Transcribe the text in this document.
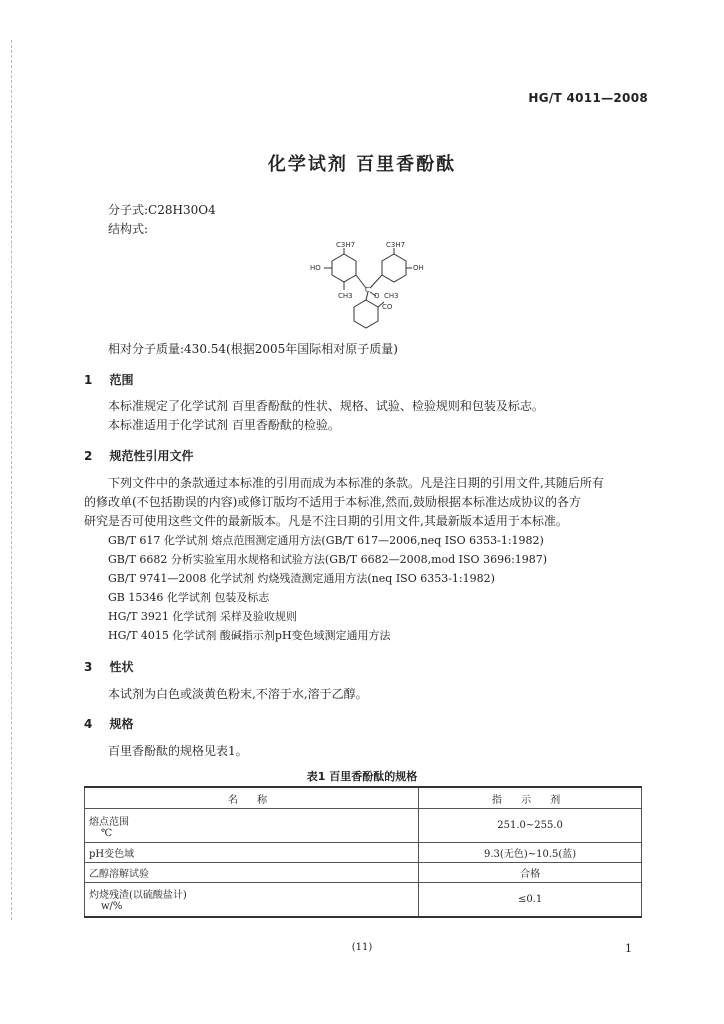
HG/T 4011—2008
化学试剂 百里香酚酞
分子式:C28H30O4
结构式:
C3H7	C3H7
HO	OH
CH3	CH3
C
O
CO
相对分子质量:430.54(根据2005年国际相对原子质量)
1 范围
本标准规定了化学试剂 百里香酚酞的性状、规格、试验、检验规则和包装及标志。
本标准适用于化学试剂 百里香酚酞的检验。
2 规范性引用文件
下列文件中的条款通过本标准的引用而成为本标准的条款。凡是注日期的引用文件,其随后所有
的修改单(不包括勘误的内容)或修订版均不适用于本标准,然而,鼓励根据本标准达成协议的各方
研究是否可使用这些文件的最新版本。凡是不注日期的引用文件,其最新版本适用于本标准。
GB/T 617 化学试剂 熔点范围测定通用方法(GB/T 617—2006,neq ISO 6353-1:1982)
GB/T 6682 分析实验室用水规格和试验方法(GB/T 6682—2008,mod ISO 3696:1987)
GB/T 9741—2008 化学试剂 灼烧残渣测定通用方法(neq ISO 6353-1:1982)
GB 15346 化学试剂 包装及标志
HG/T 3921 化学试剂 采样及验收规则
HG/T 4015 化学试剂 酸碱指示剂pH变色域测定通用方法
3 性状
本试剂为白色或淡黄色粉末,不溶于水,溶于乙醇。
4 规格
百里香酚酞的规格见表1。
表1 百里香酚酞的规格
名 称	指 示 剂

熔点范围
℃	251.0~255.0
pH变色域	9.3(无色)~10.5(蓝)
乙醇溶解试验	合格

灼烧残渣(以硫酸盐计)
w/%	≤0.1
(11)	1
